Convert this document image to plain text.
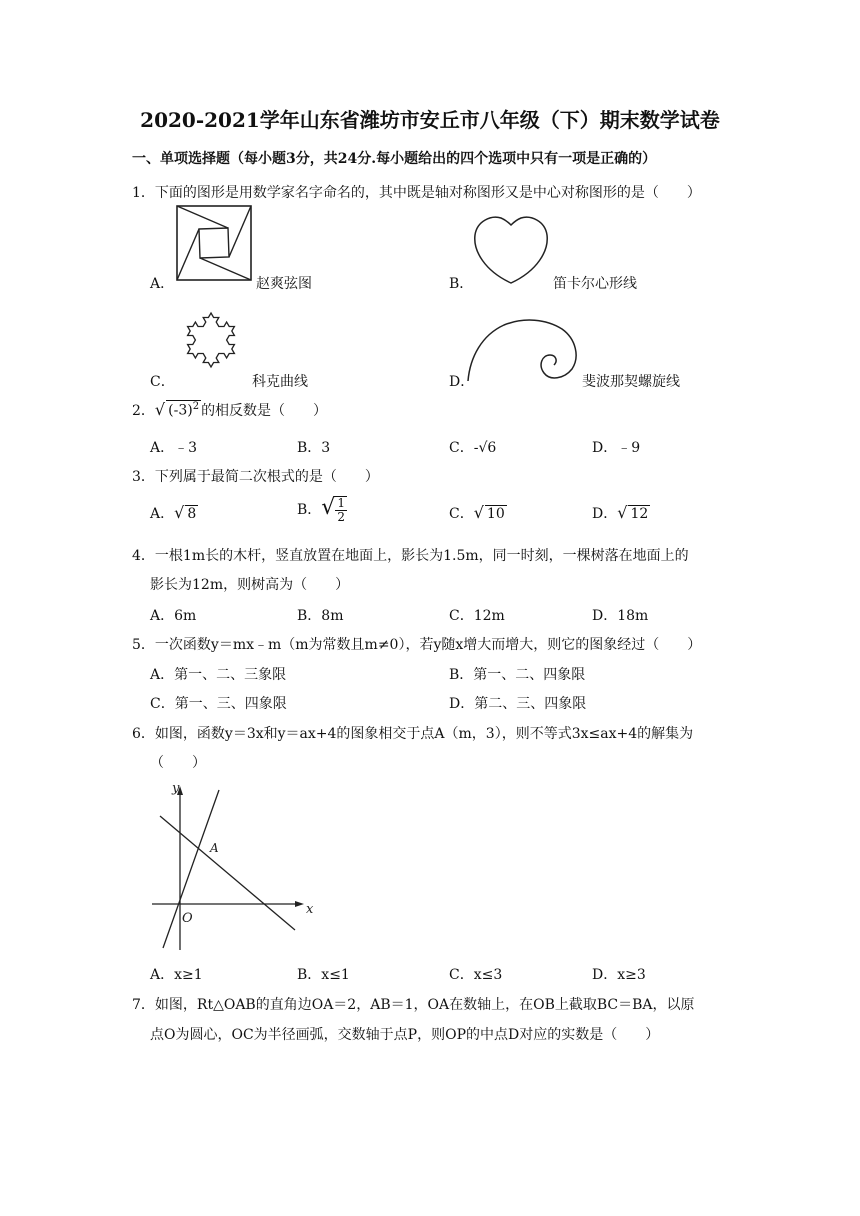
2020-2021学年山东省潍坊市安丘市八年级（下）期末数学试卷
一、单项选择题（每小题3分，共24分.每小题给出的四个选项中只有一项是正确的）
1．下面的图形是用数学家名字命名的，其中既是轴对称图形又是中心对称图形的是（　　）
A．	赵爽弦图	B．	笛卡尔心形线
C．	科克曲线	D．	斐波那契螺旋线
2．√ $(-3)^2$ 的相反数是（　　）
A．﹣3	B．3	C．-√6	D．﹣9
3．下列属于最简二次根式的是（　　）
A．√ 8	B．√ $\frac{1}{2}$	C．√ 10	D．√ 12
4．一根1m长的木杆，竖直放置在地面上，影长为1.5m，同一时刻，一棵树落在地面上的
影长为12m，则树高为（　　）
A．6m	B．8m	C．12m	D．18m
5．一次函数y＝mx﹣m（m为常数且m≠0），若y随x增大而增大，则它的图象经过（　　）
A．第一、二、三象限	B．第一、二、四象限
C．第一、三、四象限	D．第二、三、四象限
6．如图，函数y＝3x和y＝ax+4的图象相交于点A（m，3），则不等式3x≤ax+4的解集为
（　　）
y
x
O
A
A．x≥1	B．x≤1	C．x≤3	D．x≥3
7．如图，Rt△OAB的直角边OA＝2，AB＝1，OA在数轴上，在OB上截取BC＝BA，以原
点O为圆心，OC为半径画弧，交数轴于点P，则OP的中点D对应的实数是（　　）
